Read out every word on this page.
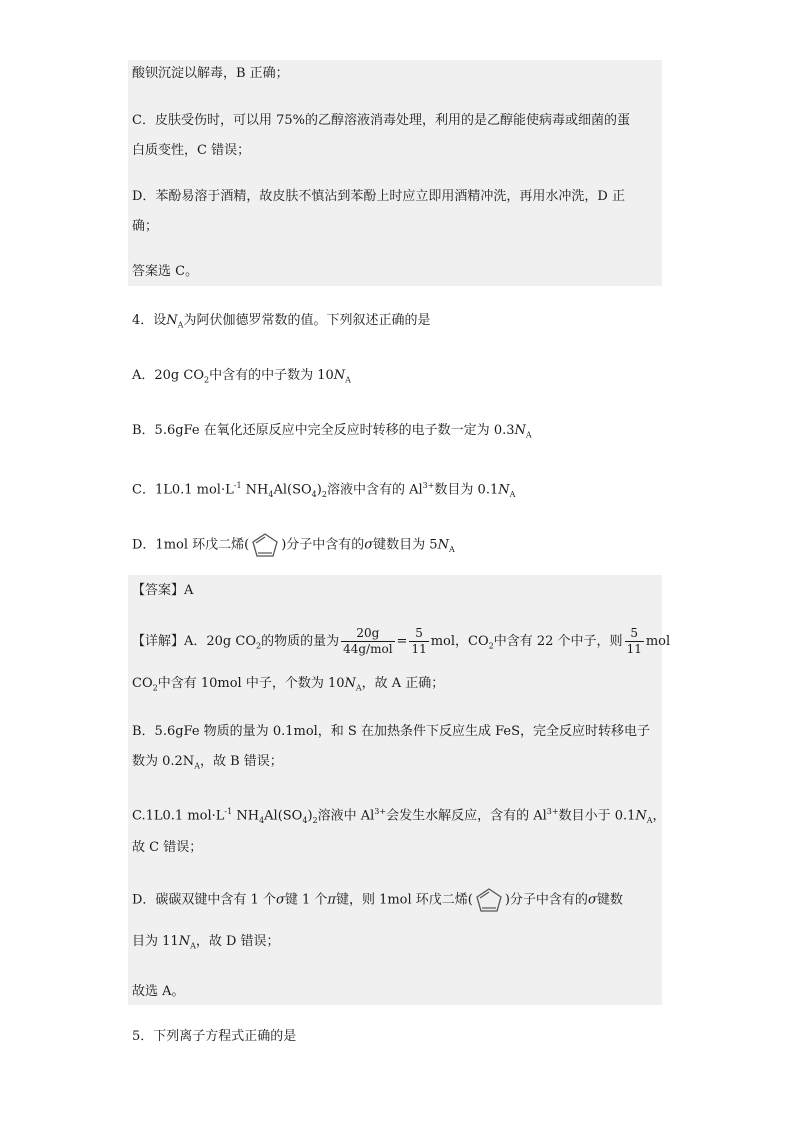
酸钡沉淀以解毒，B 正确；
C．皮肤受伤时，可以用 75%的乙醇溶液消毒处理，利用的是乙醇能使病毒或细菌的蛋
白质变性，C 错误；
D．苯酚易溶于酒精，故皮肤不慎沾到苯酚上时应立即用酒精冲洗，再用水冲洗，D 正
确；
答案选 C。
4．设$N_A$为阿伏伽德罗常数的值。下列叙述正确的是
A．20g $CO_2$中含有的中子数为 $10N_A$
B．5.6gFe 在氧化还原反应中完全反应时转移的电子数一定为 $0.3N_A$
C．1L0.1 $mol\cdot L^{-1}$ $NH_4Al(SO_4)_2$溶液中含有的 $Al^{3+}$数目为 $0.1N_A$
D．1mol 环戊二烯( )分子中含有的σ键数目为 $5N_A$
【答案】A
【详解】A．20g $CO_2$的物质的量为 $\frac{20g}{\text{44g/mol}} = \frac{5}{11}$ mol，$CO_2$中含有 22 个中子，则 $\frac{5}{11}$ mol
$CO_2$中含有 10mol 中子，个数为 $10N_A$，故 A 正确；
B．5.6gFe 物质的量为 0.1mol，和 S 在加热条件下反应生成 FeS，完全反应时转移电子
数为 $0.2N_A$，故 B 错误；
C.1L0.1 $mol\cdot L^{-1}$ $NH_4Al(SO_4)_2$溶液中 $Al^{3+}$会发生水解反应，含有的 $Al^{3+}$数目小于 $0.1N_A$，
故 C 错误；
D．碳碳双键中含有 1 个σ键 1 个π键，则 1mol 环戊二烯( )分子中含有的σ键数
目为 $11N_A$，故 D 错误；
故选 A。
5．下列离子方程式正确的是
